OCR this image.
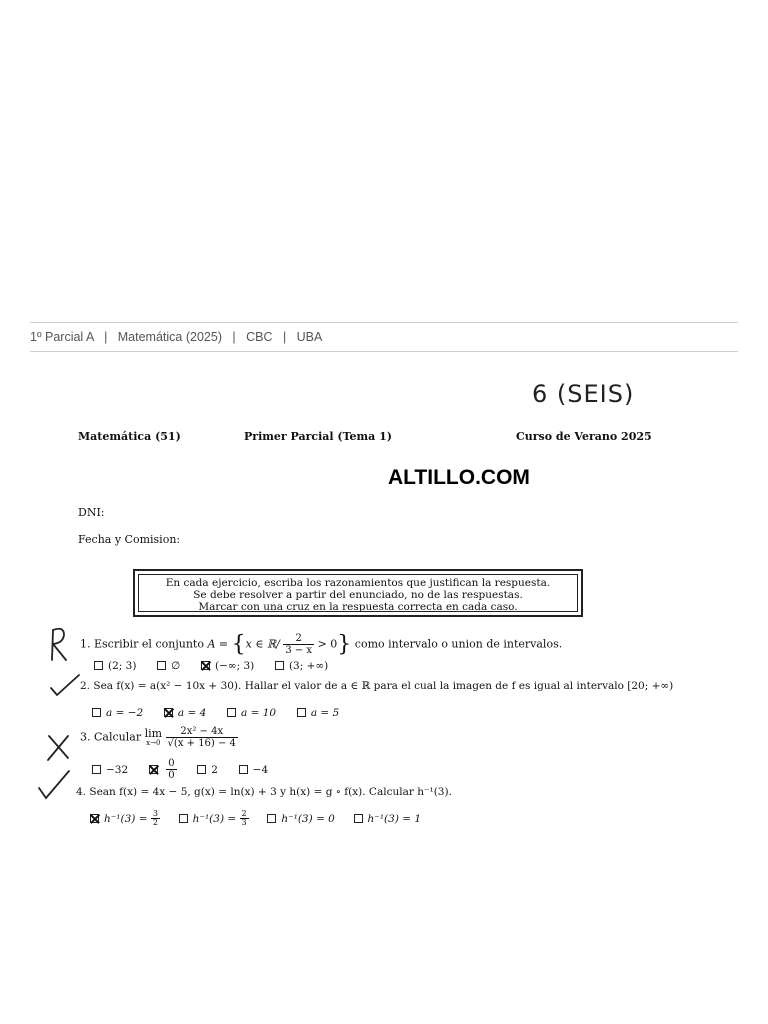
1º Parcial A | Matemática (2025) | CBC | UBA
6 (SEIS)
Matemática (51)	Primer Parcial (Tema 1)	Curso de Verano 2025
ALTILLO.COM
DNI:
Fecha y Comision:
En cada ejercicio, escriba los razonamientos que justifican la respuesta.
Se debe resolver a partir del enunciado, no de las respuestas.
Marcar con una cruz en la respuesta correcta en cada caso.
1. Escribir el conjunto A = {x ∈ ℝ/ $\frac{2}{3 - x} > 0$} como intervalo o union de intervalos.
(2; 3)	∅	(−∞; 3)	(3; +∞)
2. Sea f(x) = a(x² − 10x + 30). Hallar el valor de a ∈ ℝ para el cual la imagen de f es igual al intervalo [20; +∞)
a = −2	a = 4	a = 10	a = 5
3. Calcular lim
x→0
$\frac{\text{2x² − 4x}}{√(x + 16) - 4}$
−32	$\frac{0}{0}$	2	−4
4. Sean f(x) = 4x − 5, g(x) = ln(x) + 3 y h(x) = g ∘ f(x). Calcular h⁻¹(3).
$h^{-1}(3) = \frac{3}{2}$	$h^{-1}(3) = \frac{2}{3}$	h⁻¹(3) = 0	h⁻¹(3) = 1
